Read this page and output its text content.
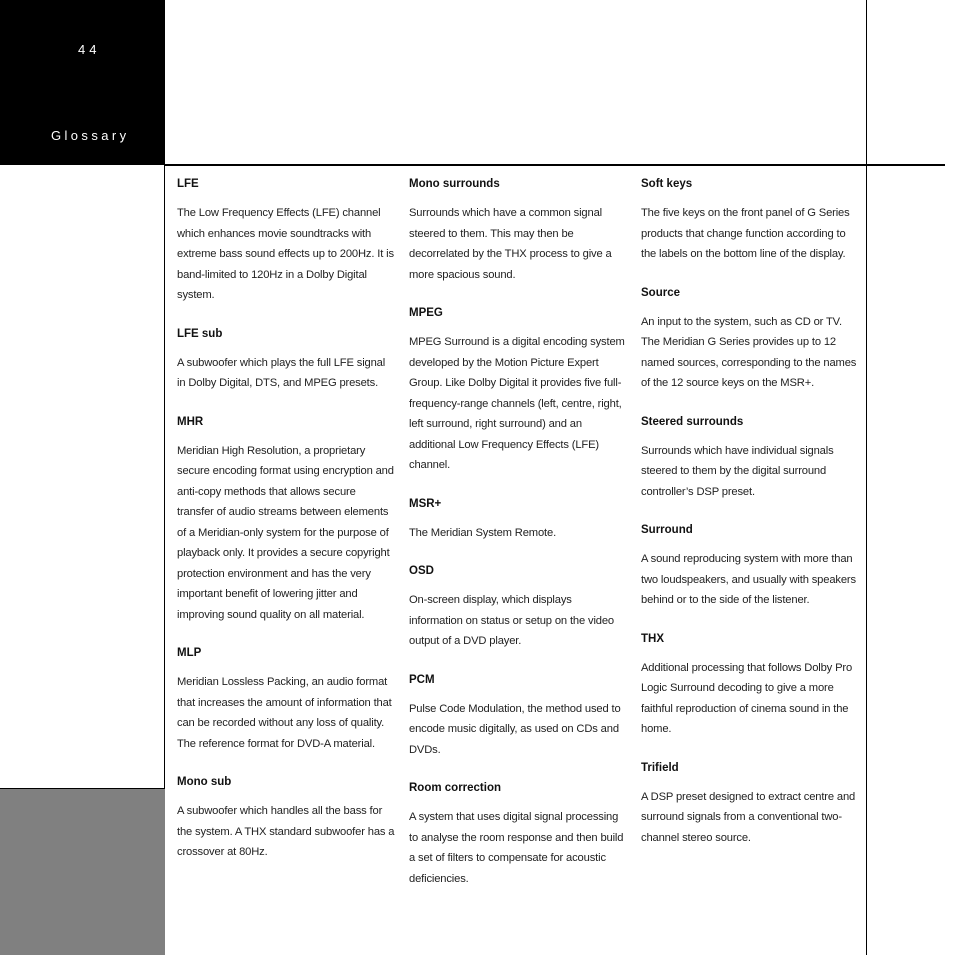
44
Glossary

LFE

The Low Frequency Effects (LFE) channel which enhances movie soundtracks with extreme bass sound effects up to 200Hz. It is band-limited to 120Hz in a Dolby Digital system.

LFE sub

A subwoofer which plays the full LFE signal in Dolby Digital, DTS, and MPEG presets.

MHR

Meridian High Resolution, a proprietary secure encoding format using encryption and anti-copy methods that allows secure transfer of audio streams between elements of a Meridian-only system for the purpose of playback only. It provides a secure copyright protection environment and has the very important benefit of lowering jitter and improving sound quality on all material.

MLP

Meridian Lossless Packing, an audio format that increases the amount of information that can be recorded without any loss of quality. The reference format for DVD-A material.

Mono sub

A subwoofer which handles all the bass for the system. A THX standard subwoofer has a crossover at 80Hz.

Mono surrounds

Surrounds which have a common signal steered to them. This may then be decorrelated by the THX process to give a more spacious sound.

MPEG

MPEG Surround is a digital encoding system developed by the Motion Picture Expert Group. Like Dolby Digital it provides five full-frequency-range channels (left, centre, right, left surround, right surround) and an additional Low Frequency Effects (LFE) channel.

MSR+

The Meridian System Remote.

OSD

On-screen display, which displays information on status or setup on the video output of a DVD player.

PCM

Pulse Code Modulation, the method used to encode music digitally, as used on CDs and DVDs.

Room correction

A system that uses digital signal processing to analyse the room response and then build a set of filters to compensate for acoustic deficiencies.

Soft keys

The five keys on the front panel of G Series products that change function according to the labels on the bottom line of the display.

Source

An input to the system, such as CD or TV. The Meridian G Series provides up to 12 named sources, corresponding to the names of the 12 source keys on the MSR+.

Steered surrounds

Surrounds which have individual signals steered to them by the digital surround controller’s DSP preset.

Surround

A sound reproducing system with more than two loudspeakers, and usually with speakers behind or to the side of the listener.

THX

Additional processing that follows Dolby Pro Logic Surround decoding to give a more faithful reproduction of cinema sound in the home.

Trifield

A DSP preset designed to extract centre and surround signals from a conventional two-channel stereo source.
